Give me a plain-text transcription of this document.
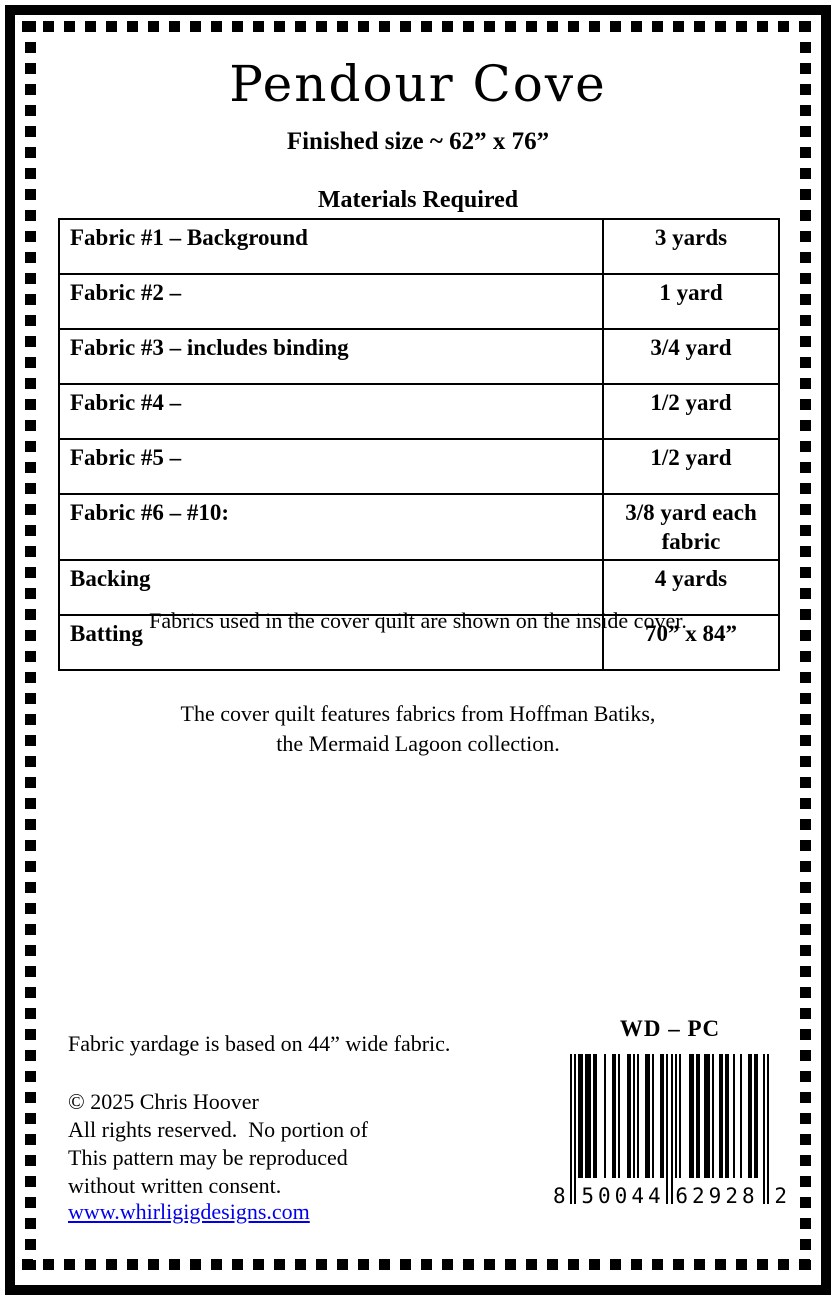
Pendour Cove
Finished size ~ 62” x 76”
Materials Required
Fabric #1 – Background	3 yards
Fabric #2 –	1 yard
Fabric #3 – includes binding	3/4 yard
Fabric #4 –	1/2 yard
Fabric #5 –	1/2 yard
Fabric #6 – #10:	3/8 yard each fabric
Backing	4 yards
Batting	70” x 84”
Fabrics used in the cover quilt are shown on the inside cover.
The cover quilt features fabrics from Hoffman Batiks,
the Mermaid Lagoon collection.
Fabric yardage is based on 44” wide fabric.
WD – PC
8 50044 62928 2
© 2025 Chris Hoover
All rights reserved.  No portion of
This pattern may be reproduced
without written consent.
www.whirligigdesigns.com
